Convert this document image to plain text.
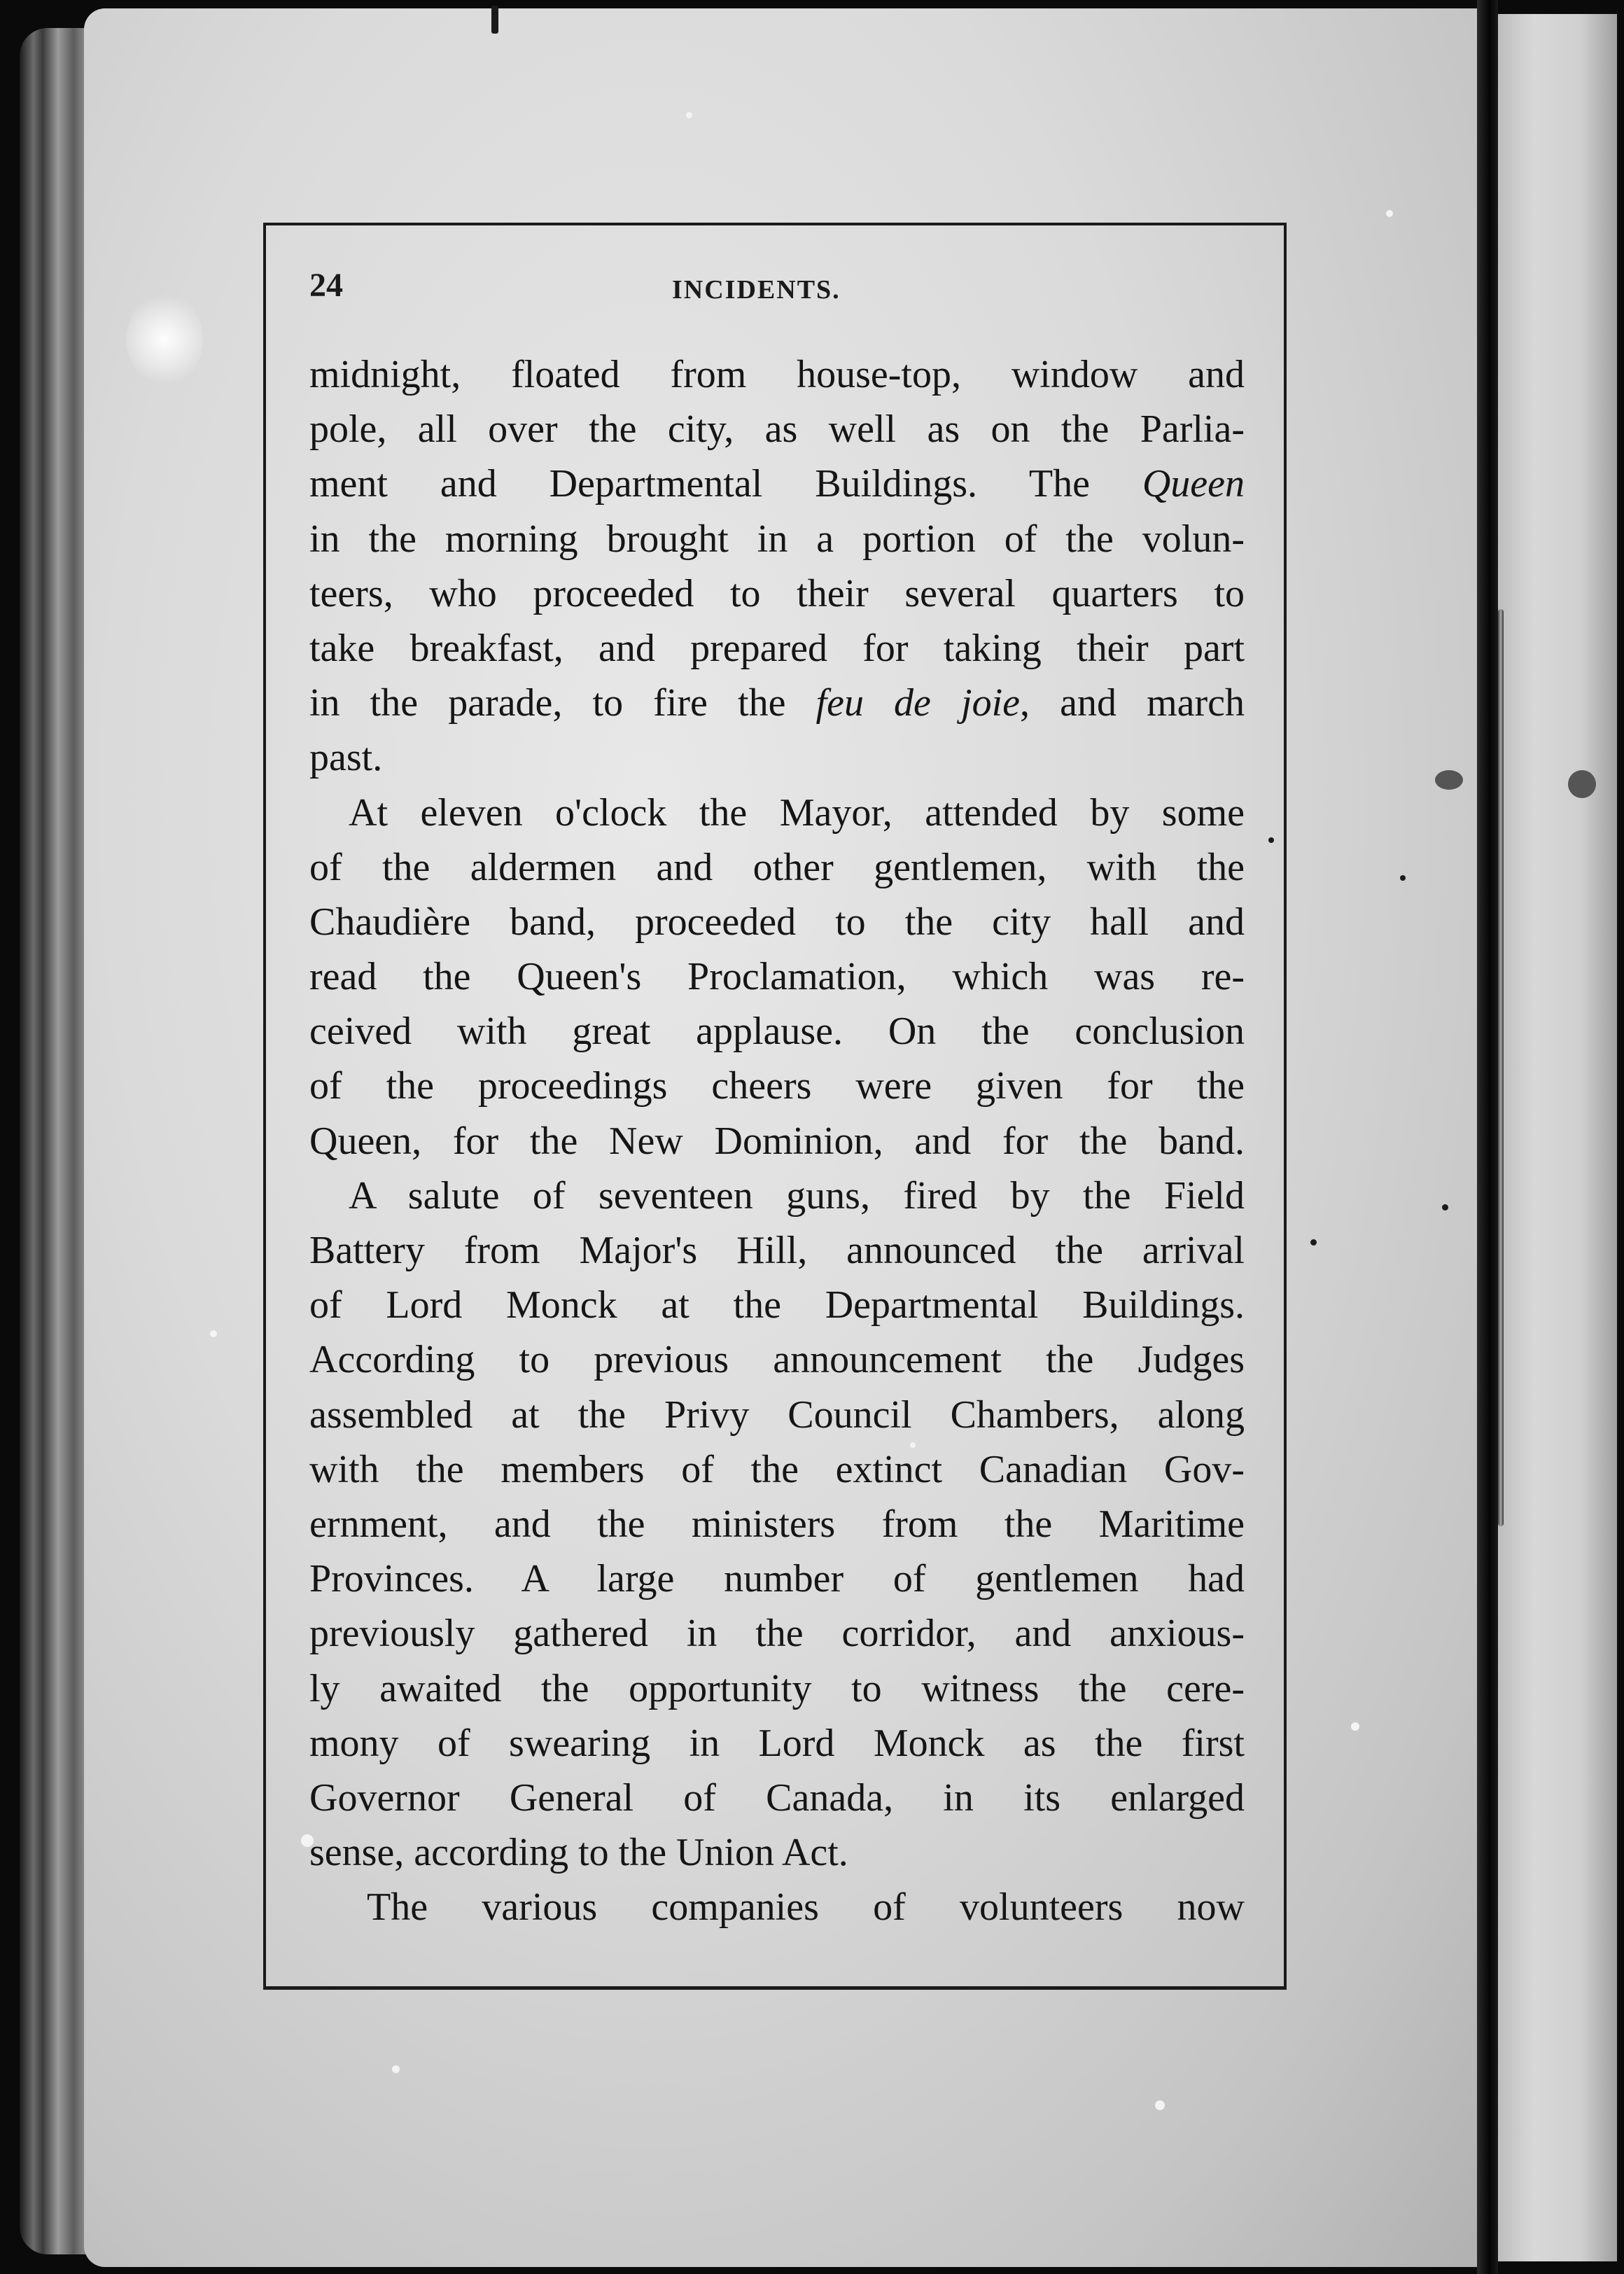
24	INCIDENTS.
midnight, floated from house-top, window and
pole, all over the city, as well as on the Parlia-
ment and Departmental Buildings. The Queen
in the morning brought in a portion of the volun-
teers, who proceeded to their several quarters to
take breakfast, and prepared for taking their part
in the parade, to fire the feu de joie, and march
past.
At eleven o'clock the Mayor, attended by some
of the aldermen and other gentlemen, with the
Chaudière band, proceeded to the city hall and
read the Queen's Proclamation, which was re-
ceived with great applause. On the conclusion
of the proceedings cheers were given for the
Queen, for the New Dominion, and for the band.
A salute of seventeen guns, fired by the Field
Battery from Major's Hill, announced the arrival
of Lord Monck at the Departmental Buildings.
According to previous announcement the Judges
assembled at the Privy Council Chambers, along
with the members of the extinct Canadian Gov-
ernment, and the ministers from the Maritime
Provinces. A large number of gentlemen had
previously gathered in the corridor, and anxious-
ly awaited the opportunity to witness the cere-
mony of swearing in Lord Monck as the first
Governor General of Canada, in its enlarged
sense, according to the Union Act.
The various companies of volunteers now
